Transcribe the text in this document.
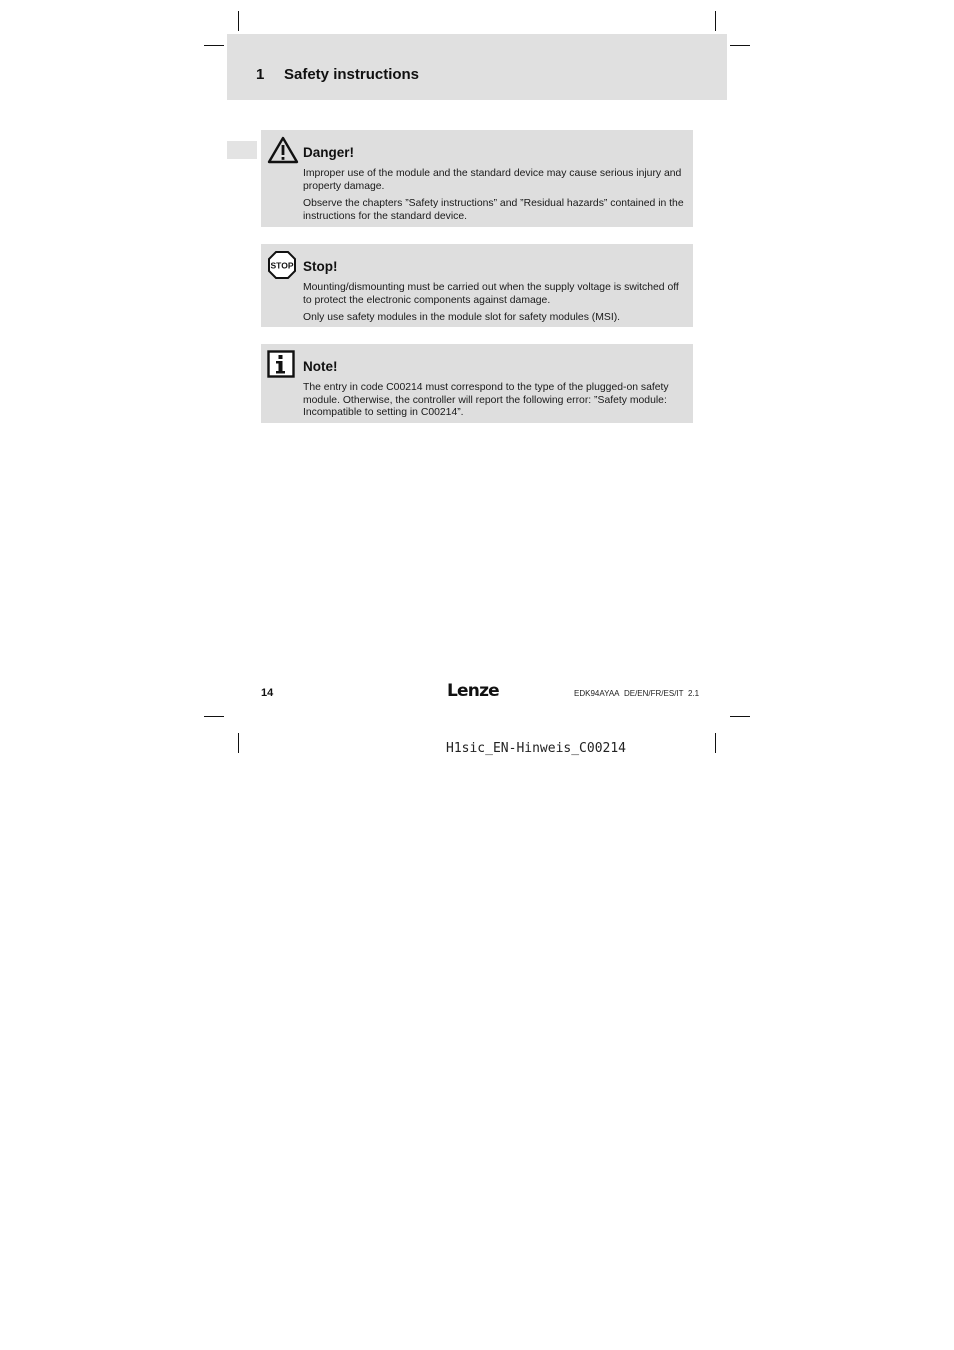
1 Safety instructions
Danger!
Improper use of the module and the standard device may cause serious injury and property damage.
Observe the chapters ”Safety instructions” and ”Residual hazards” contained in the instructions for the standard device.
STOP Stop!
Mounting/dismounting must be carried out when the supply voltage is switched off to protect the electronic components against damage.
Only use safety modules in the module slot for safety modules (MSI).
Note!
The entry in code C00214 must correspond to the type of the plugged-on safety module. Otherwise, the controller will report the following error: ”Safety module: Incompatible to setting in C00214”.
14	Lenze	EDK94AYAA DE/EN/FR/ES/IT 2.1
H1sic_EN-Hinweis_C00214
